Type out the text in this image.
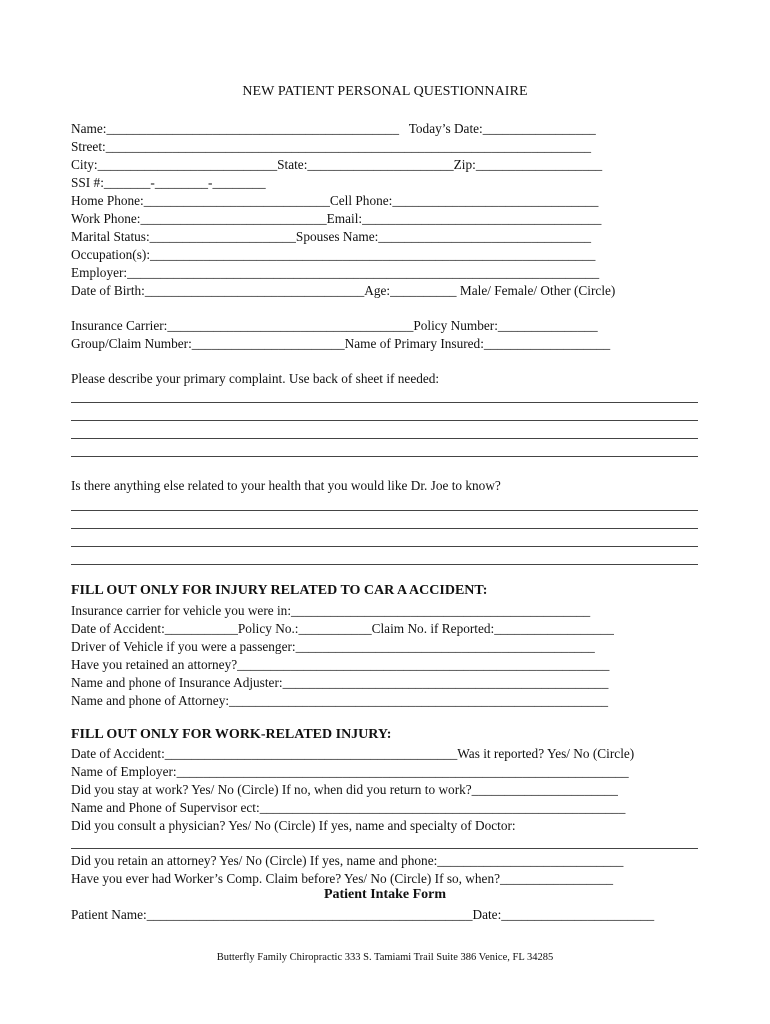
NEW PATIENT PERSONAL QUESTIONNAIRE
Name:____________________________________________   Today’s Date:_________________
Street:_________________________________________________________________________
City:___________________________State:______________________Zip:___________________
SSI #:_______-________-________
Home Phone:____________________________Cell Phone:_______________________________
Work Phone:____________________________Email:____________________________________
Marital Status:______________________Spouses Name:________________________________
Occupation(s):___________________________________________________________________
Employer:_______________________________________________________________________
Date of Birth:_________________________________Age:__________ Male/ Female/ Other (Circle)
Insurance Carrier:_____________________________________Policy Number:_______________
Group/Claim Number:_______________________Name of Primary Insured:___________________
Please describe your primary complaint. Use back of sheet if needed:
Is there anything else related to your health that you would like Dr. Joe to know?
FILL OUT ONLY FOR INJURY RELATED TO CAR A ACCIDENT:
Insurance carrier for vehicle you were in:_____________________________________________
Date of Accident:___________Policy No.:___________Claim No. if Reported:__________________
Driver of Vehicle if you were a passenger:_____________________________________________
Have you retained an attorney?________________________________________________________
Name and phone of Insurance Adjuster:_________________________________________________
Name and phone of Attorney:_________________________________________________________
FILL OUT ONLY FOR WORK-RELATED INJURY:
Date of Accident:____________________________________________Was it reported? Yes/ No (Circle)
Name of Employer:____________________________________________________________________
Did you stay at work? Yes/ No (Circle) If no, when did you return to work?______________________
Name and Phone of Supervisor ect:_______________________________________________________
Did you consult a physician? Yes/ No (Circle) If yes, name and specialty of Doctor:
Did you retain an attorney? Yes/ No (Circle) If yes, name and phone:____________________________
Have you ever had Worker’s Comp. Claim before? Yes/ No (Circle) If so, when?_________________
Patient Intake Form
Patient Name:_________________________________________________Date:_______________________
Butterfly Family Chiropractic 333 S. Tamiami Trail Suite 386 Venice, FL 34285
